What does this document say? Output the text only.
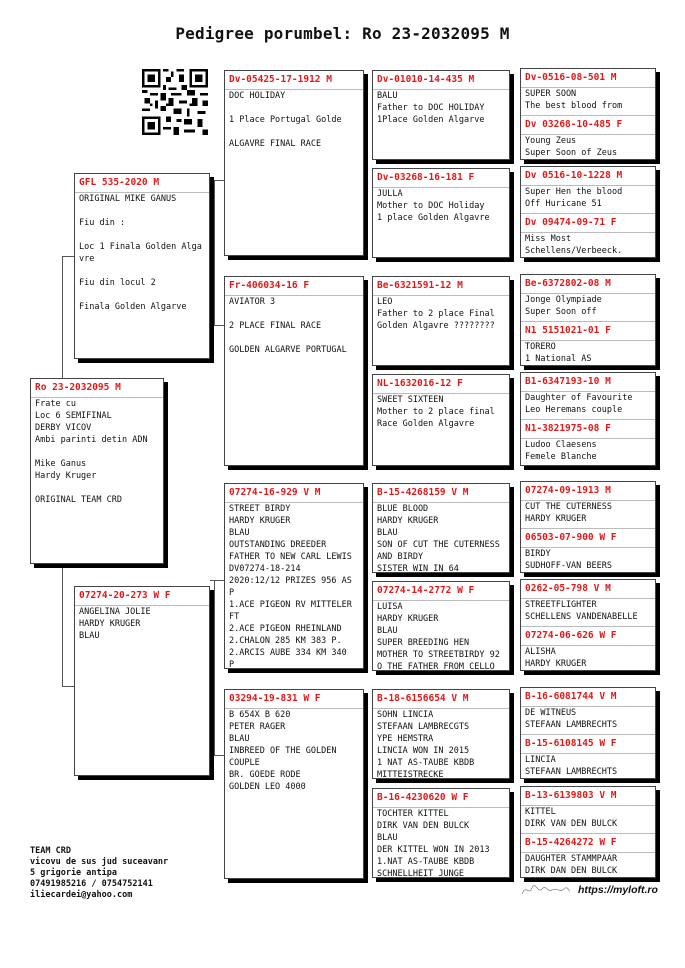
Pedigree porumbel: Ro 23-2032095 M
Ro 23-2032095 M
Frate cu
Loc 6 SEMIFINAL
DERBY VICOV
Ambi parinti detin ADN
Mike Ganus
Hardy Kruger
ORIGINAL TEAM CRD
GFL 535-2020 M
ORIGINAL MIKE GANUS
Fiu din :
Loc 1 Finala Golden Alga
vre
Fiu din locul 2
Finala Golden Algarve
07274-20-273 W F
ANGELINA JOLIE
HARDY KRUGER
BLAU
Dv-05425-17-1912 M
DOC HOLIDAY
1 Place Portugal Golde
ALGAVRE FINAL RACE
Fr-406034-16 F
AVIATOR 3
2 PLACE FINAL RACE
GOLDEN ALGARVE PORTUGAL
07274-16-929 V M
STREET BIRDY
HARDY KRUGER
BLAU
OUTSTANDING DREEDER
FATHER TO NEW CARL LEWIS
DV07274-18-214
2020:12/12 PRIZES 956 AS
P
1.ACE PIGEON RV MITTELER
FT
2.ACE PIGEON RHEINLAND
2.CHALON 285 KM 383 P.
2.ARCIS AUBE 334 KM 340
P
03294-19-831 W F
B 654X B 620
PETER RAGER
BLAU
INBREED OF THE GOLDEN
COUPLE
BR. GOEDE RODE
GOLDEN LEO 4000
Dv-01010-14-435 M
BALU
Father to DOC HOLIDAY
1Place Golden Algarve
Dv-03268-16-181 F
JULLA
Mother to DOC Holiday
1 place Golden Algavre
Be-6321591-12 M
LEO
Father to 2 place Final
Golden Algavre ????????
NL-1632016-12 F
SWEET SIXTEEN
Mother to 2 place final
Race Golden Algavre
B-15-4268159 V M
BLUE BLOOD
HARDY KRUGER
BLAU
SON OF CUT THE CUTERNESS
AND BIRDY
SISTER WIN IN 64
07274-14-2772 W F
LUISA
HARDY KRUGER
BLAU
SUPER BREEDING HEN
MOTHER TO STREETBIRDY 92
O THE FATHER FROM CELLO
B-18-6156654 V M
SOHN LINCIA
STEFAAN LAMBRECGTS
YPE HEMSTRA
LINCIA WON IN 2015
1 NAT AS-TAUBE KBDB
MITTEISTRECKE
B-16-4230620 W F
TOCHTER KITTEL
DIRK VAN DEN BULCK
BLAU
DER KITTEL WON IN 2013
1.NAT AS-TAUBE KBDB
SCHNELLHEIT JUNGE
Dv-0516-08-501 M
SUPER SOON
The best blood from
Dv 03268-10-485 F
Young Zeus
Super Soon of Zeus
Dv 0516-10-1228 M
Super Hen the blood
Off Huricane 51
Dv 09474-09-71 F
Miss Most
Schellens/Verbeeck.
Be-6372802-08 M
Jonge Olympiade
Super Soon off
N1 5151021-01 F
TORERO
1 National AS
B1-6347193-10 M
Daughter of Favourite
Leo Heremans couple
N1-3821975-08 F
Ludoo Claesens
Femele Blanche
07274-09-1913 M
CUT THE CUTERNESS
HARDY KRUGER
06503-07-900 W F
BIRDY
SUDHOFF-VAN BEERS
0262-05-798 V M
STREETFLIGHTER
SCHELLENS VANDENABELLE
07274-06-626 W F
ALISHA
HARDY KRUGER
B-16-6081744 V M
DE WITNEUS
STEFAAN LAMBRECHTS
B-15-6108145 W F
LINCIA
STEFAAN LAMBRECHTS
B-13-6139803 V M
KITTEL
DIRK VAN DEN BULCK
B-15-4264272 W F
DAUGHTER STAMMPAAR
DIRK DAN DEN BULCK
TEAM CRD
vicovu de sus jud suceavanr
5 grigorie antipa
07491985216 / 0754752141
iliecardei@yahoo.com	https://myloft.ro
